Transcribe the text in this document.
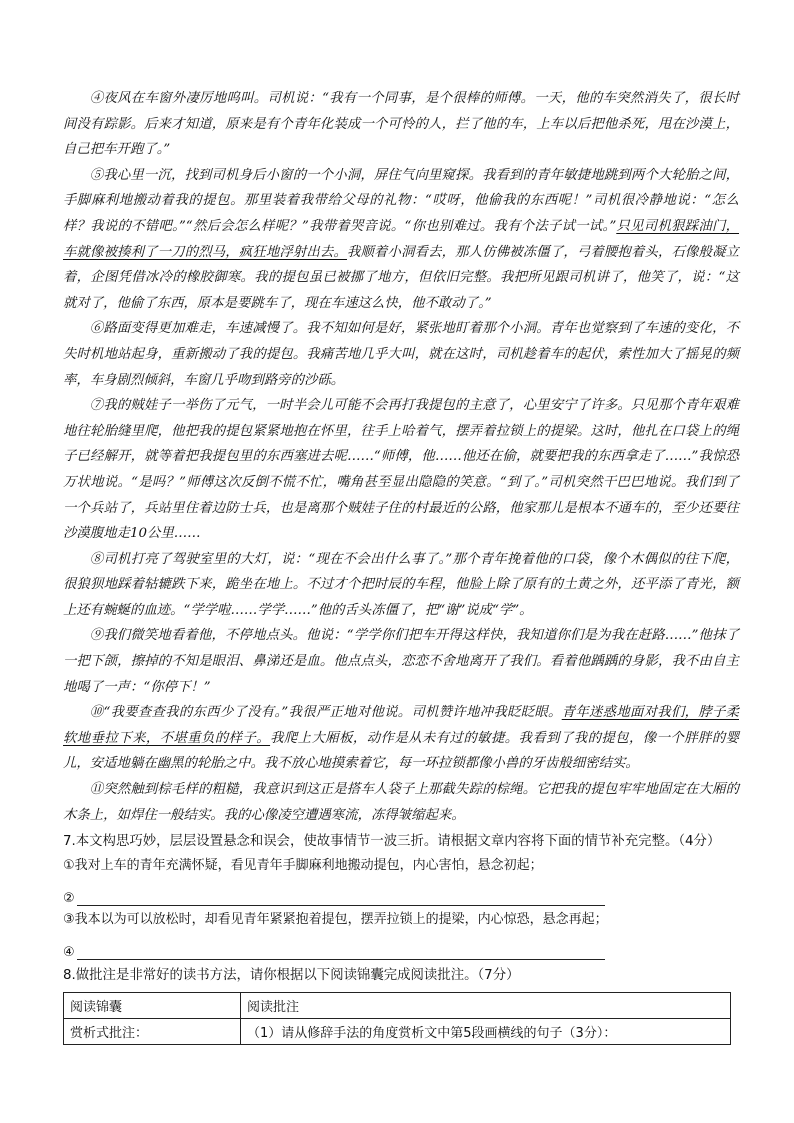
④夜风在车窗外凄厉地呜叫。司机说：“我有一个同事，是个很棒的师傅。一天，他的车突然消失了，很长时间没有踪影。后来才知道，原来是有个青年化装成一个可怜的人，拦了他的车，上车以后把他杀死，甩在沙漠上，自己把车开跑了。”

⑤我心里一沉，找到司机身后小窗的一个小洞，屏住气向里窥探。我看到的青年敏捷地跳到两个大轮胎之间，手脚麻利地搬动着我的提包。那里装着我带给父母的礼物：“哎呀，他偷我的东西呢！”司机很冷静地说：“怎么样？我说的不错吧。”“然后会怎么样呢？”我带着哭音说。“你也别难过。我有个法子试一试。”只见司机狠踩油门，车就像被揍利了一刀的烈马，疯狂地浮射出去。我顺着小洞看去，那人仿佛被冻僵了，弓着腰抱着头，石像般凝立着，企图凭借冰冷的橡胶御寒。我的提包虽已被挪了地方，但依旧完整。我把所见跟司机讲了，他笑了，说：“这就对了，他偷了东西，原本是要跳车了，现在车速这么快，他不敢动了。”

⑥路面变得更加难走，车速减慢了。我不知如何是好，紧张地盯着那个小洞。青年也觉察到了车速的变化，不失时机地站起身，重新搬动了我的提包。我痛苦地几乎大叫，就在这时，司机趁着车的起伏，索性加大了摇晃的频率，车身剧烈倾斜，车窗几乎吻到路旁的沙砾。

⑦我的贼娃子一举伤了元气，一时半会儿可能不会再打我提包的主意了，心里安宁了许多。只见那个青年艰难地往轮胎缝里爬，他把我的提包紧紧地抱在怀里，往手上哈着气，摆弄着拉锁上的提梁。这时，他扎在口袋上的绳子已经解开，就等着把我提包里的东西塞进去呢……“师傅，他……他还在偷，就要把我的东西拿走了……”我惊恐万状地说。“是吗？”师傅这次反倒不慌不忙，嘴角甚至显出隐隐的笑意。“到了。”司机突然干巴巴地说。我们到了一个兵站了，兵站里住着边防士兵，也是离那个贼娃子住的村最近的公路，他家那儿是根本不通车的，至少还要往沙漠腹地走10公里……

⑧司机打亮了驾驶室里的大灯，说：“现在不会出什么事了。”那个青年挽着他的口袋，像个木偶似的往下爬，很狼狈地踩着轱辘跌下来，跪坐在地上。不过才个把时辰的车程，他脸上除了原有的土黄之外，还平添了青光，额上还有蜿蜒的血迹。“学学啦……学学……”他的舌头冻僵了，把“谢”说成“学”。

⑨我们微笑地看着他，不停地点头。他说：“学学你们把车开得这样快，我知道你们是为我在赶路……”他抹了一把下颌，擦掉的不知是眼泪、鼻涕还是血。他点点头，恋恋不舍地离开了我们。看着他踽踽的身影，我不由自主地喝了一声：“你停下！”

⑩“我要查查我的东西少了没有。”我很严正地对他说。司机赞许地冲我眨眨眼。青年迷惑地面对我们，脖子柔软地垂拉下来，不堪重负的样子。我爬上大厢板，动作是从未有过的敏捷。我看到了我的提包，像一个胖胖的婴儿，安适地躺在幽黑的轮胎之中。我不放心地摸索着它，每一环拉锁都像小兽的牙齿般细密结实。

⑪突然触到棕毛样的粗糙，我意识到这正是搭车人袋子上那截失踪的棕绳。它把我的提包牢牢地固定在大厢的木条上，如焊住一般结实。我的心像凌空遭遇寒流，冻得皱缩起来。

7.本文构思巧妙，层层设置悬念和误会，使故事情节一波三折。请根据文章内容将下面的情节补充完整。（4分）

①我对上车的青年充满怀疑，看见青年手脚麻利地搬动提包，内心害怕，悬念初起；

②

③我本以为可以放松时，却看见青年紧紧抱着提包，摆弄拉锁上的提梁，内心惊恐，悬念再起；

④

8.做批注是非常好的读书方法，请你根据以下阅读锦囊完成阅读批注。（7分）

阅读锦囊	阅读批注
赏析式批注：	（1）请从修辞手法的角度赏析文中第5段画横线的句子（3分）：
